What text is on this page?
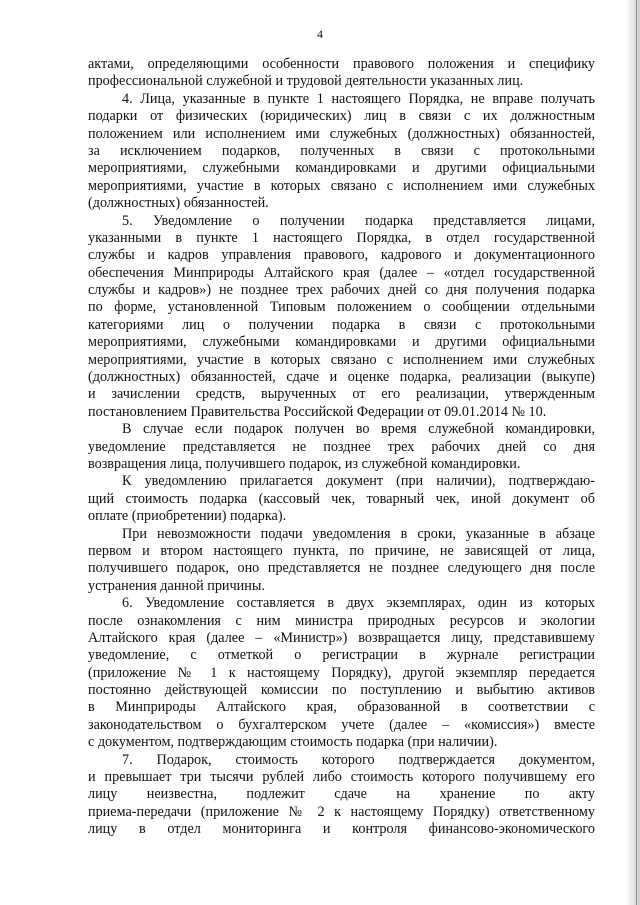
4
актами, определяющими особенности правового положения и специфику
профессиональной служебной и трудовой деятельности указанных лиц.
4. Лица, указанные в пункте 1 настоящего Порядка, не вправе получать
подарки от физических (юридических) лиц в связи с их должностным
положением или исполнением ими служебных (должностных) обязанностей,
за исключением подарков, полученных в связи с протокольными
мероприятиями, служебными командировками и другими официальными
мероприятиями, участие в которых связано с исполнением ими служебных
(должностных) обязанностей.
5. Уведомление о получении подарка представляется лицами,
указанными в пункте 1 настоящего Порядка, в отдел государственной
службы и кадров управления правового, кадрового и документационного
обеспечения Минприроды Алтайского края (далее – «отдел государственной
службы и кадров») не позднее трех рабочих дней со дня получения подарка
по форме, установленной Типовым положением о сообщении отдельными
категориями лиц о получении подарка в связи с протокольными
мероприятиями, служебными командировками и другими официальными
мероприятиями, участие в которых связано с исполнением ими служебных
(должностных) обязанностей, сдаче и оценке подарка, реализации (выкупе)
и зачислении средств, вырученных от его реализации, утвержденным
постановлением Правительства Российской Федерации от 09.01.2014 № 10.
В случае если подарок получен во время служебной командировки,
уведомление представляется не позднее трех рабочих дней со дня
возвращения лица, получившего подарок, из служебной командировки.
К уведомлению прилагается документ (при наличии), подтверждаю-
щий стоимость подарка (кассовый чек, товарный чек, иной документ об
оплате (приобретении) подарка).
При невозможности подачи уведомления в сроки, указанные в абзаце
первом и втором настоящего пункта, по причине, не зависящей от лица,
получившего подарок, оно представляется не позднее следующего дня после
устранения данной причины.
6. Уведомление составляется в двух экземплярах, один из которых
после ознакомления с ним министра природных ресурсов и экологии
Алтайского края (далее – «Министр») возвращается лицу, представившему
уведомление, с отметкой о регистрации в журнале регистрации
(приложение № 1 к настоящему Порядку), другой экземпляр передается
постоянно действующей комиссии по поступлению и выбытию активов
в Минприроды Алтайского края, образованной в соответствии с
законодательством о бухгалтерском учете (далее – «комиссия») вместе
с документом, подтверждающим стоимость подарка (при наличии).
7. Подарок, стоимость которого подтверждается документом,
и превышает три тысячи рублей либо стоимость которого получившему его
лицу неизвестна, подлежит сдаче на хранение по акту
приема-передачи (приложение № 2 к настоящему Порядку) ответственному
лицу в отдел мониторинга и контроля финансово-экономического
